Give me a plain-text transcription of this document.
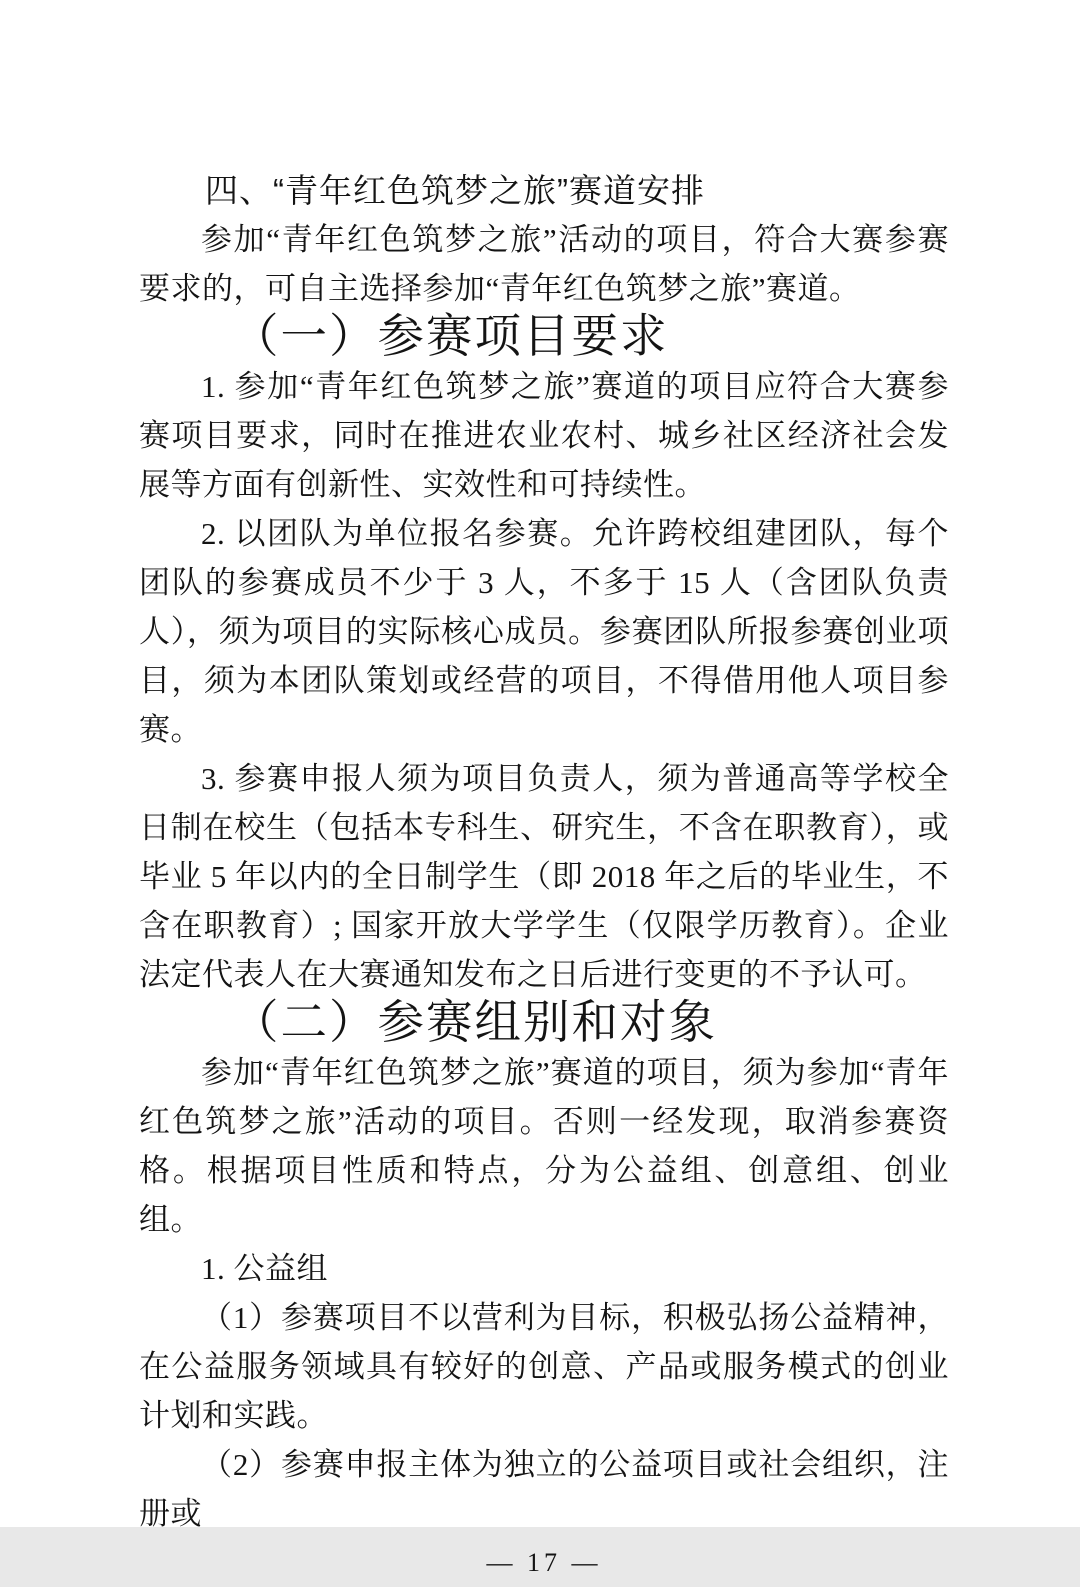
四、“青年红色筑梦之旅”赛道安排

参加“青年红色筑梦之旅”活动的项目，符合大赛参赛要求的，可自主选择参加“青年红色筑梦之旅”赛道。

（一）参赛项目要求

1. 参加“青年红色筑梦之旅”赛道的项目应符合大赛参赛项目要求，同时在推进农业农村、城乡社区经济社会发展等方面有创新性、实效性和可持续性。

2. 以团队为单位报名参赛。允许跨校组建团队，每个团队的参赛成员不少于 3 人，不多于 15 人（含团队负责人），须为项目的实际核心成员。参赛团队所报参赛创业项目，须为本团队策划或经营的项目，不得借用他人项目参赛。

3. 参赛申报人须为项目负责人，须为普通高等学校全日制在校生（包括本专科生、研究生，不含在职教育），或毕业 5 年以内的全日制学生（即 2018 年之后的毕业生，不含在职教育）; 国家开放大学学生（仅限学历教育）。企业法定代表人在大赛通知发布之日后进行变更的不予认可。

（二）参赛组别和对象

参加“青年红色筑梦之旅”赛道的项目，须为参加“青年红色筑梦之旅”活动的项目。否则一经发现，取消参赛资格。根据项目性质和特点，分为公益组、创意组、创业组。

1. 公益组

（1）参赛项目不以营利为目标，积极弘扬公益精神，在公益服务领域具有较好的创意、产品或服务模式的创业计划和实践。

（2）参赛申报主体为独立的公益项目或社会组织，注册或

— 17 —
